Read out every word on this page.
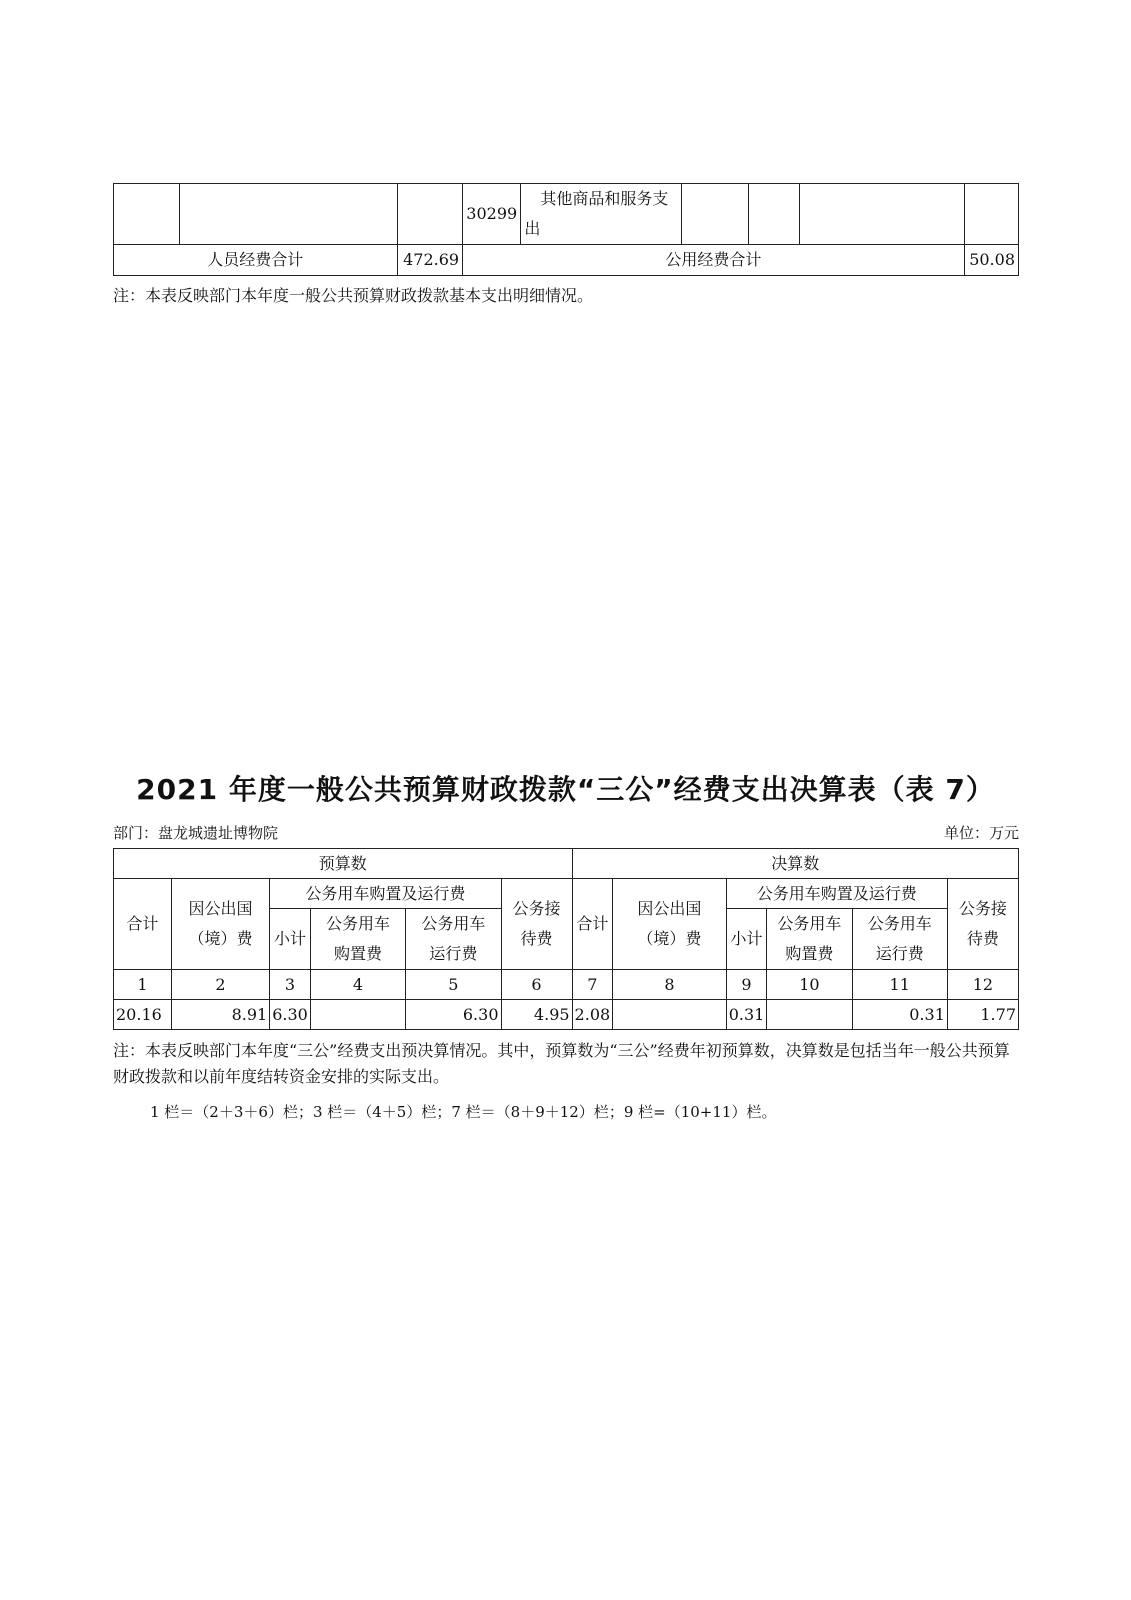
			30299	其他商品和服务支出				
人员经费合计		472.69	公用经费合计					50.08
注：本表反映部门本年度一般公共预算财政拨款基本支出明细情况。
2021 年度一般公共预算财政拨款“三公”经费支出决算表（表 7）
部门：盘龙城遗址博物院	单位：万元
预算数						决算数					
合计	因公出国（境）费	公务用车购置及运行费			公务接待费	合计	因公出国（境）费	公务用车购置及运行费			公务接待费
		小计	公务用车购置费	公务用车运行费				小计	公务用车购置费	公务用车运行费	
1	2	3	4	5	6	7	8	9	10	11	12
20.16	8.91	6.30		6.30	4.95	2.08		0.31		0.31	1.77
注：本表反映部门本年度“三公”经费支出预决算情况。其中，预算数为“三公”经费年初预算数，决算数是包括当年一般公共预算财政拨款和以前年度结转资金安排的实际支出。
1 栏＝（2＋3＋6）栏；3 栏＝（4＋5）栏；7 栏＝（8＋9＋12）栏；9 栏=（10+11）栏。
